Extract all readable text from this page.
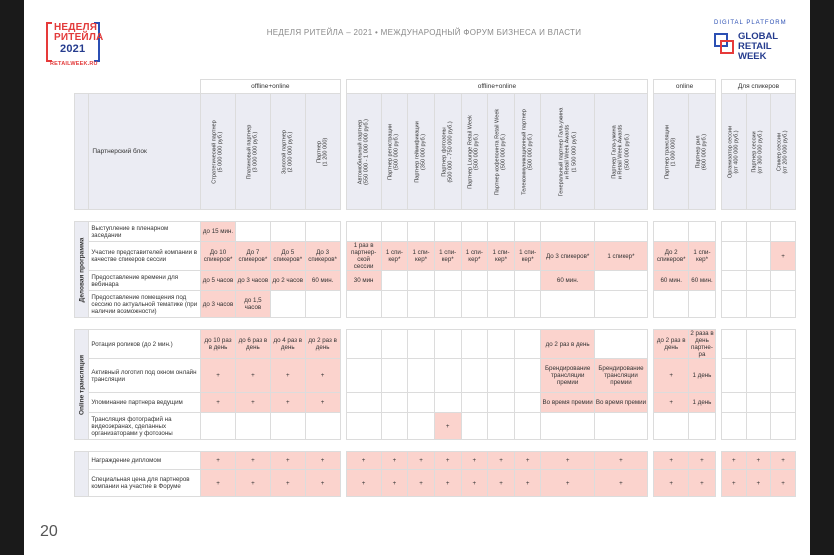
НЕДЕЛЯ
РИТЕЙЛА
2021
RETAILWEEK.RU
НЕДЕЛЯ РИТЕЙЛА – 2021 • МЕЖДУНАРОДНЫЙ ФОРУМ БИЗНЕСА И ВЛАСТИ
DIGITAL PLATFORM
GLOBAL
RETAIL
WEEK
		offline+online					offline+online										online			Для спикеров		
	Партнерский блок	Стратегический партнер
(5 000 000 руб.)	Платиновый партнер
(3 000 000 руб.)	Золотой партнер
(2 000 000 руб.)	Партнер
(1 200 000)		Автомобильный партнер
(550 000 - 1 000 000 руб.)	Партнер регистрации
(500 000 руб.)	Партнер геймификации
(350 000 руб.)	Партнер фотозоны
(500 000 - 750 000 руб.)	Партнер Lounge Retail Week
(500 000 руб.)	Партнер кофепоинта Retail Week
(500 000 руб.)	Телекоммуникационный партнер
(500 000 руб.)	Генеральный партнер Гала-ужина
и Retail Week Awards
(1 500 000 руб.)	Партнер Гала-ужина
и Retail Week Awards
(500 000 руб.)		Партнер трансляции
(1 000 000)	Партнер рил
(600 000 руб.)		Организатор сессии
(от 400 000 руб.)	Партнер сессии
(от 300 000 руб.)	Спикер сессии
(от 200 000 руб.)

Деловая программа	Выступление в пленарном заседании	до 15 мин.																				
	Участие представителей компании в качестве спикеров сессии	До 10 спикеров*	До 7 спикеров*	До 5 спикеров*	До 3 спикеров*		1 раз в партнер-ской сессии	1 спи-кер*	1 спи-кер*	1 спи-кер*	1 спи-кер*	1 спи-кер*	1 спи-кер*	До 3 спикеров*	1 спикер*		До 2 спикеров*	1 спи-кер*				+
	Предоставление времени для вебинара	до 5 часов	до 3 часов	до 2 часов	60 мин.		30 мин							60 мин.			60 мин.	60 мин.				
	Предоставление помещения под сессию по актуальной тематике (при наличии возможности)	до 3 часов	до 1,5 часов																			

Online трансляция	Ротация роликов (до 2 мин.)	до 10 раз в день	до 6 раз в день	до 4 раз в день	до 2 раз в день									до 2 раз в день			до 2 раз в день	2 раза в день партне-ра				
	Активный логотип под окном онлайн трансляции	+	+	+	+									Брендирование трансляции премии	Брендирование трансляции премии		+	1 день				
	Упоминание партнера ведущим	+	+	+	+									Во время премии	Во время премии		+	1 день				
	Трансляция фотографий на видеоэкранах, сделанных организаторами у фотозоны									+												

	Награждение дипломом	+	+	+	+		+	+	+	+	+	+	+	+	+		+	+		+	+	+
	Специальная цена для партнеров компании на участие в Форуме	+	+	+	+		+	+	+	+	+	+	+	+	+		+	+		+	+	+
20
